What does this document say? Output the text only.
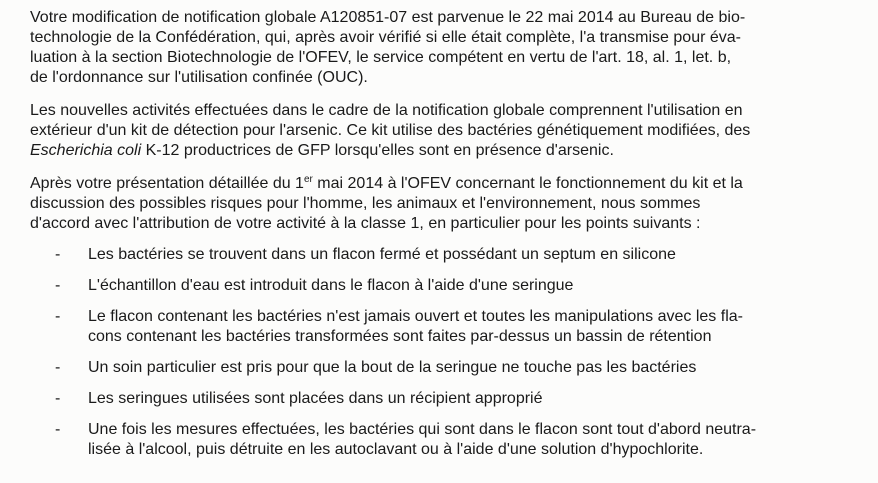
Votre modification de notification globale A120851-07 est parvenue le 22 mai 2014 au Bureau de bio-
technologie de la Confédération, qui, après avoir vérifié si elle était complète, l'a transmise pour éva-
luation à la section Biotechnologie de l'OFEV, le service compétent en vertu de l'art. 18, al. 1, let. b,
de l'ordonnance sur l'utilisation confinée (OUC).

Les nouvelles activités effectuées dans le cadre de la notification globale comprennent l'utilisation en
extérieur d'un kit de détection pour l'arsenic. Ce kit utilise des bactéries génétiquement modifiées, des
Escherichia coli K-12 productrices de GFP lorsqu'elles sont en présence d'arsenic.

Après votre présentation détaillée du 1er mai 2014 à l'OFEV concernant le fonctionnement du kit et la
discussion des possibles risques pour l'homme, les animaux et l'environnement, nous sommes
d'accord avec l'attribution de votre activité à la classe 1, en particulier pour les points suivants :

- Les bactéries se trouvent dans un flacon fermé et possédant un septum en silicone
- L'échantillon d'eau est introduit dans le flacon à l'aide d'une seringue
- Le flacon contenant les bactéries n'est jamais ouvert et toutes les manipulations avec les fla-
cons contenant les bactéries transformées sont faites par-dessus un bassin de rétention
- Un soin particulier est pris pour que la bout de la seringue ne touche pas les bactéries
- Les seringues utilisées sont placées dans un récipient approprié
- Une fois les mesures effectuées, les bactéries qui sont dans le flacon sont tout d'abord neutra-
lisée à l'alcool, puis détruite en les autoclavant ou à l'aide d'une solution d'hypochlorite.
